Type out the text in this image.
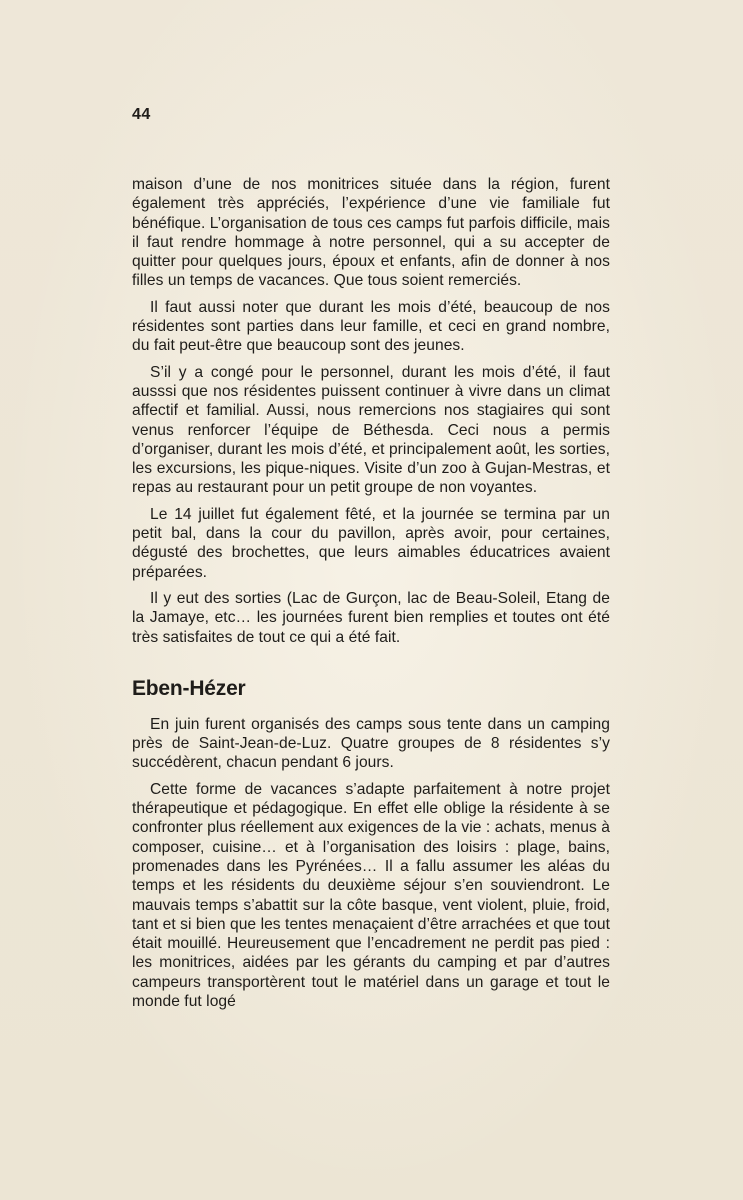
44

maison d’une de nos monitrices située dans la région, furent également très appréciés, l’expérience d’une vie familiale fut bénéfique. L’organisation de tous ces camps fut parfois difficile, mais il faut rendre hommage à notre personnel, qui a su accepter de quitter pour quelques jours, époux et enfants, afin de donner à nos filles un temps de vacances. Que tous soient remerciés.

Il faut aussi noter que durant les mois d’été, beaucoup de nos résidentes sont parties dans leur famille, et ceci en grand nombre, du fait peut-être que beaucoup sont des jeunes.

S’il y a congé pour le personnel, durant les mois d’été, il faut ausssi que nos résidentes puissent continuer à vivre dans un climat affectif et familial. Aussi, nous remercions nos stagiaires qui sont venus renforcer l’équipe de Béthesda. Ceci nous a permis d’organiser, durant les mois d’été, et principalement août, les sorties, les excursions, les pique-niques. Visite d’un zoo à Gujan-Mestras, et repas au restaurant pour un petit groupe de non voyantes.

Le 14 juillet fut également fêté, et la journée se termina par un petit bal, dans la cour du pavillon, après avoir, pour certaines, dégusté des brochettes, que leurs aimables éducatrices avaient préparées.

Il y eut des sorties (Lac de Gurçon, lac de Beau-Soleil, Etang de la Jamaye, etc… les journées furent bien remplies et toutes ont été très satisfaites de tout ce qui a été fait.

Eben-Hézer

En juin furent organisés des camps sous tente dans un camping près de Saint-Jean-de-Luz. Quatre groupes de 8 résidentes s’y succédèrent, chacun pendant 6 jours.

Cette forme de vacances s’adapte parfaitement à notre projet thérapeutique et pédagogique. En effet elle oblige la résidente à se confronter plus réellement aux exigences de la vie : achats, menus à composer, cuisine… et à l’organisation des loisirs : plage, bains, promenades dans les Pyrénées… Il a fallu assumer les aléas du temps et les résidents du deuxième séjour s’en souviendront. Le mauvais temps s’abattit sur la côte basque, vent violent, pluie, froid, tant et si bien que les tentes menaçaient d’être arrachées et que tout était mouillé. Heureusement que l’encadrement ne perdit pas pied : les monitrices, aidées par les gérants du camping et par d’autres campeurs transportèrent tout le matériel dans un garage et tout le monde fut logé
